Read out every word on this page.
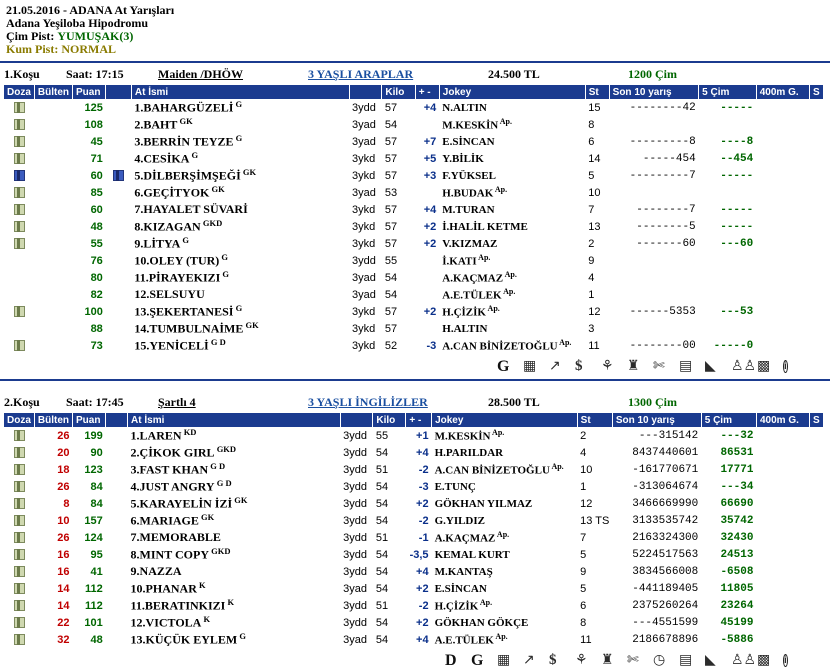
21.05.2016 - ADANA At Yarışları
Adana Yeşiloba Hipodromu
Çim Pist: YUMUŞAK(3)
Kum Pist: NORMAL
1.Koşu	Saat: 17:15	Maiden /DHÖW	3 YAŞLI ARAPLAR	24.500 TL	1200 Çim
Doza	Bülten	Puan		At İsmi		Kilo	+ -	Jokey	St	Son 10 yarış	5 Çim	400m G.	S

		125		1.BAHARGÜZELİ $^G$	3ydd	57	+4	N.ALTIN	15	--------42	-----		

		108		2.BAHT $^{GK}$	3yad	54		M.KESKİN $^{Ap.}$	8				

		45		3.BERRİN TEYZE $^G$	3yad	57	+7	E.SİNCAN	6	---------8	----8		

		71		4.CESİKA $^G$	3ykd	57	+5	Y.BİLİK	14	-----454	--454		

		60		5.DİLBERŞİMŞEĞİ $^{GK}$	3ykd	57	+3	F.YÜKSEL	5	---------7	-----		

		85		6.GEÇİTYOK $^{GK}$	3yad	53		H.BUDAK $^{Ap.}$	10				

		60		7.HAYALET SÜVARİ	3ykd	57	+4	M.TURAN	7	--------7	-----		

		48		8.KIZAGAN $^{GKD}$	3ykd	57	+2	İ.HALİL KETME	13	--------5	-----		

		55		9.LİTYA $^G$	3ykd	57	+2	V.KIZMAZ	2	-------60	---60		
		76		10.OLEY (TUR) $^G$	3ydd	55		İ.KATI $^{Ap.}$	9				
		80		11.PİRAYEKIZI $^G$	3yad	54		A.KAÇMAZ $^{Ap.}$	4				
		82		12.SELSUYU	3yad	54		A.E.TÜLEK $^{Ap.}$	1				

		100		13.ŞEKERTANESİ $^G$	3ykd	57	+2	H.ÇİZİK $^{Ap.}$	12	------5353	---53		
		88		14.TUMBULNAİME $^{GK}$	3ykd	57		H.ALTIN	3				

		73		15.YENİCELİ $^{G D}$	3ykd	52	-3	A.CAN BİNİZETOĞLU $^{Ap.}$	11	--------00	-----0		
G ▦ ↗ $	⚘ ♜ ✄	▤ ◣	♙♙ ▩	i
2.Koşu	Saat: 17:45	Şartlı 4	3 YAŞLI İNGİLİZLER	28.500 TL	1300 Çim
Doza	Bülten	Puan		At İsmi		Kilo	+ -	Jokey	St	Son 10 yarış	5 Çim	400m G.	S

	26	199		1.LAREN $^{KD}$	3ydd	55	+1	M.KESKİN $^{Ap.}$	2	---315142	---32		

	20	90		2.ÇİKOK GIRL $^{GKD}$	3ydd	54	+4	H.PARILDAR	4	8437440601	86531		

	18	123		3.FAST KHAN $^{G D}$	3ydd	51	-2	A.CAN BİNİZETOĞLU $^{Ap.}$	10	-161770671	17771		

	26	84		4.JUST ANGRY $^{G D}$	3ydd	54	-3	E.TUNÇ	1	-313064674	---34		

	8	84		5.KARAYELİN İZİ $^{GK}$	3ydd	54	+2	GÖKHAN YILMAZ	12	3466669990	66690		

	10	157		6.MARIAGE $^{GK}$	3ydd	54	-2	G.YILDIZ	13 TS	3133535742	35742		

	26	124		7.MEMORABLE	3ydd	51	-1	A.KAÇMAZ $^{Ap.}$	7	2163324300	32430		

	16	95		8.MINT COPY $^{GKD}$	3ydd	54	-3,5	KEMAL KURT	5	5224517563	24513		

	16	41		9.NAZZA	3ydd	54	+4	M.KANTAŞ	9	3834566008	-6508		

	14	112		10.PHANAR $^K$	3yad	54	+2	E.SİNCAN	5	-441189405	11805		

	14	112		11.BERATINKIZI $^K$	3ydd	51	-2	H.ÇİZİK $^{Ap.}$	6	2375260264	23264		

	22	101		12.VICTOLA $^K$	3ydd	54	+2	GÖKHAN GÖKÇE	8	---4551599	45199		

	32	48		13.KÜÇÜK EYLEM $^G$	3yad	54	+4	A.E.TÜLEK $^{Ap.}$	11	2186678896	-5886		
D G ▦ ↗ $	⚘ ♜ ✄	◷ ▤ ◣	♙♙ ▩	i
